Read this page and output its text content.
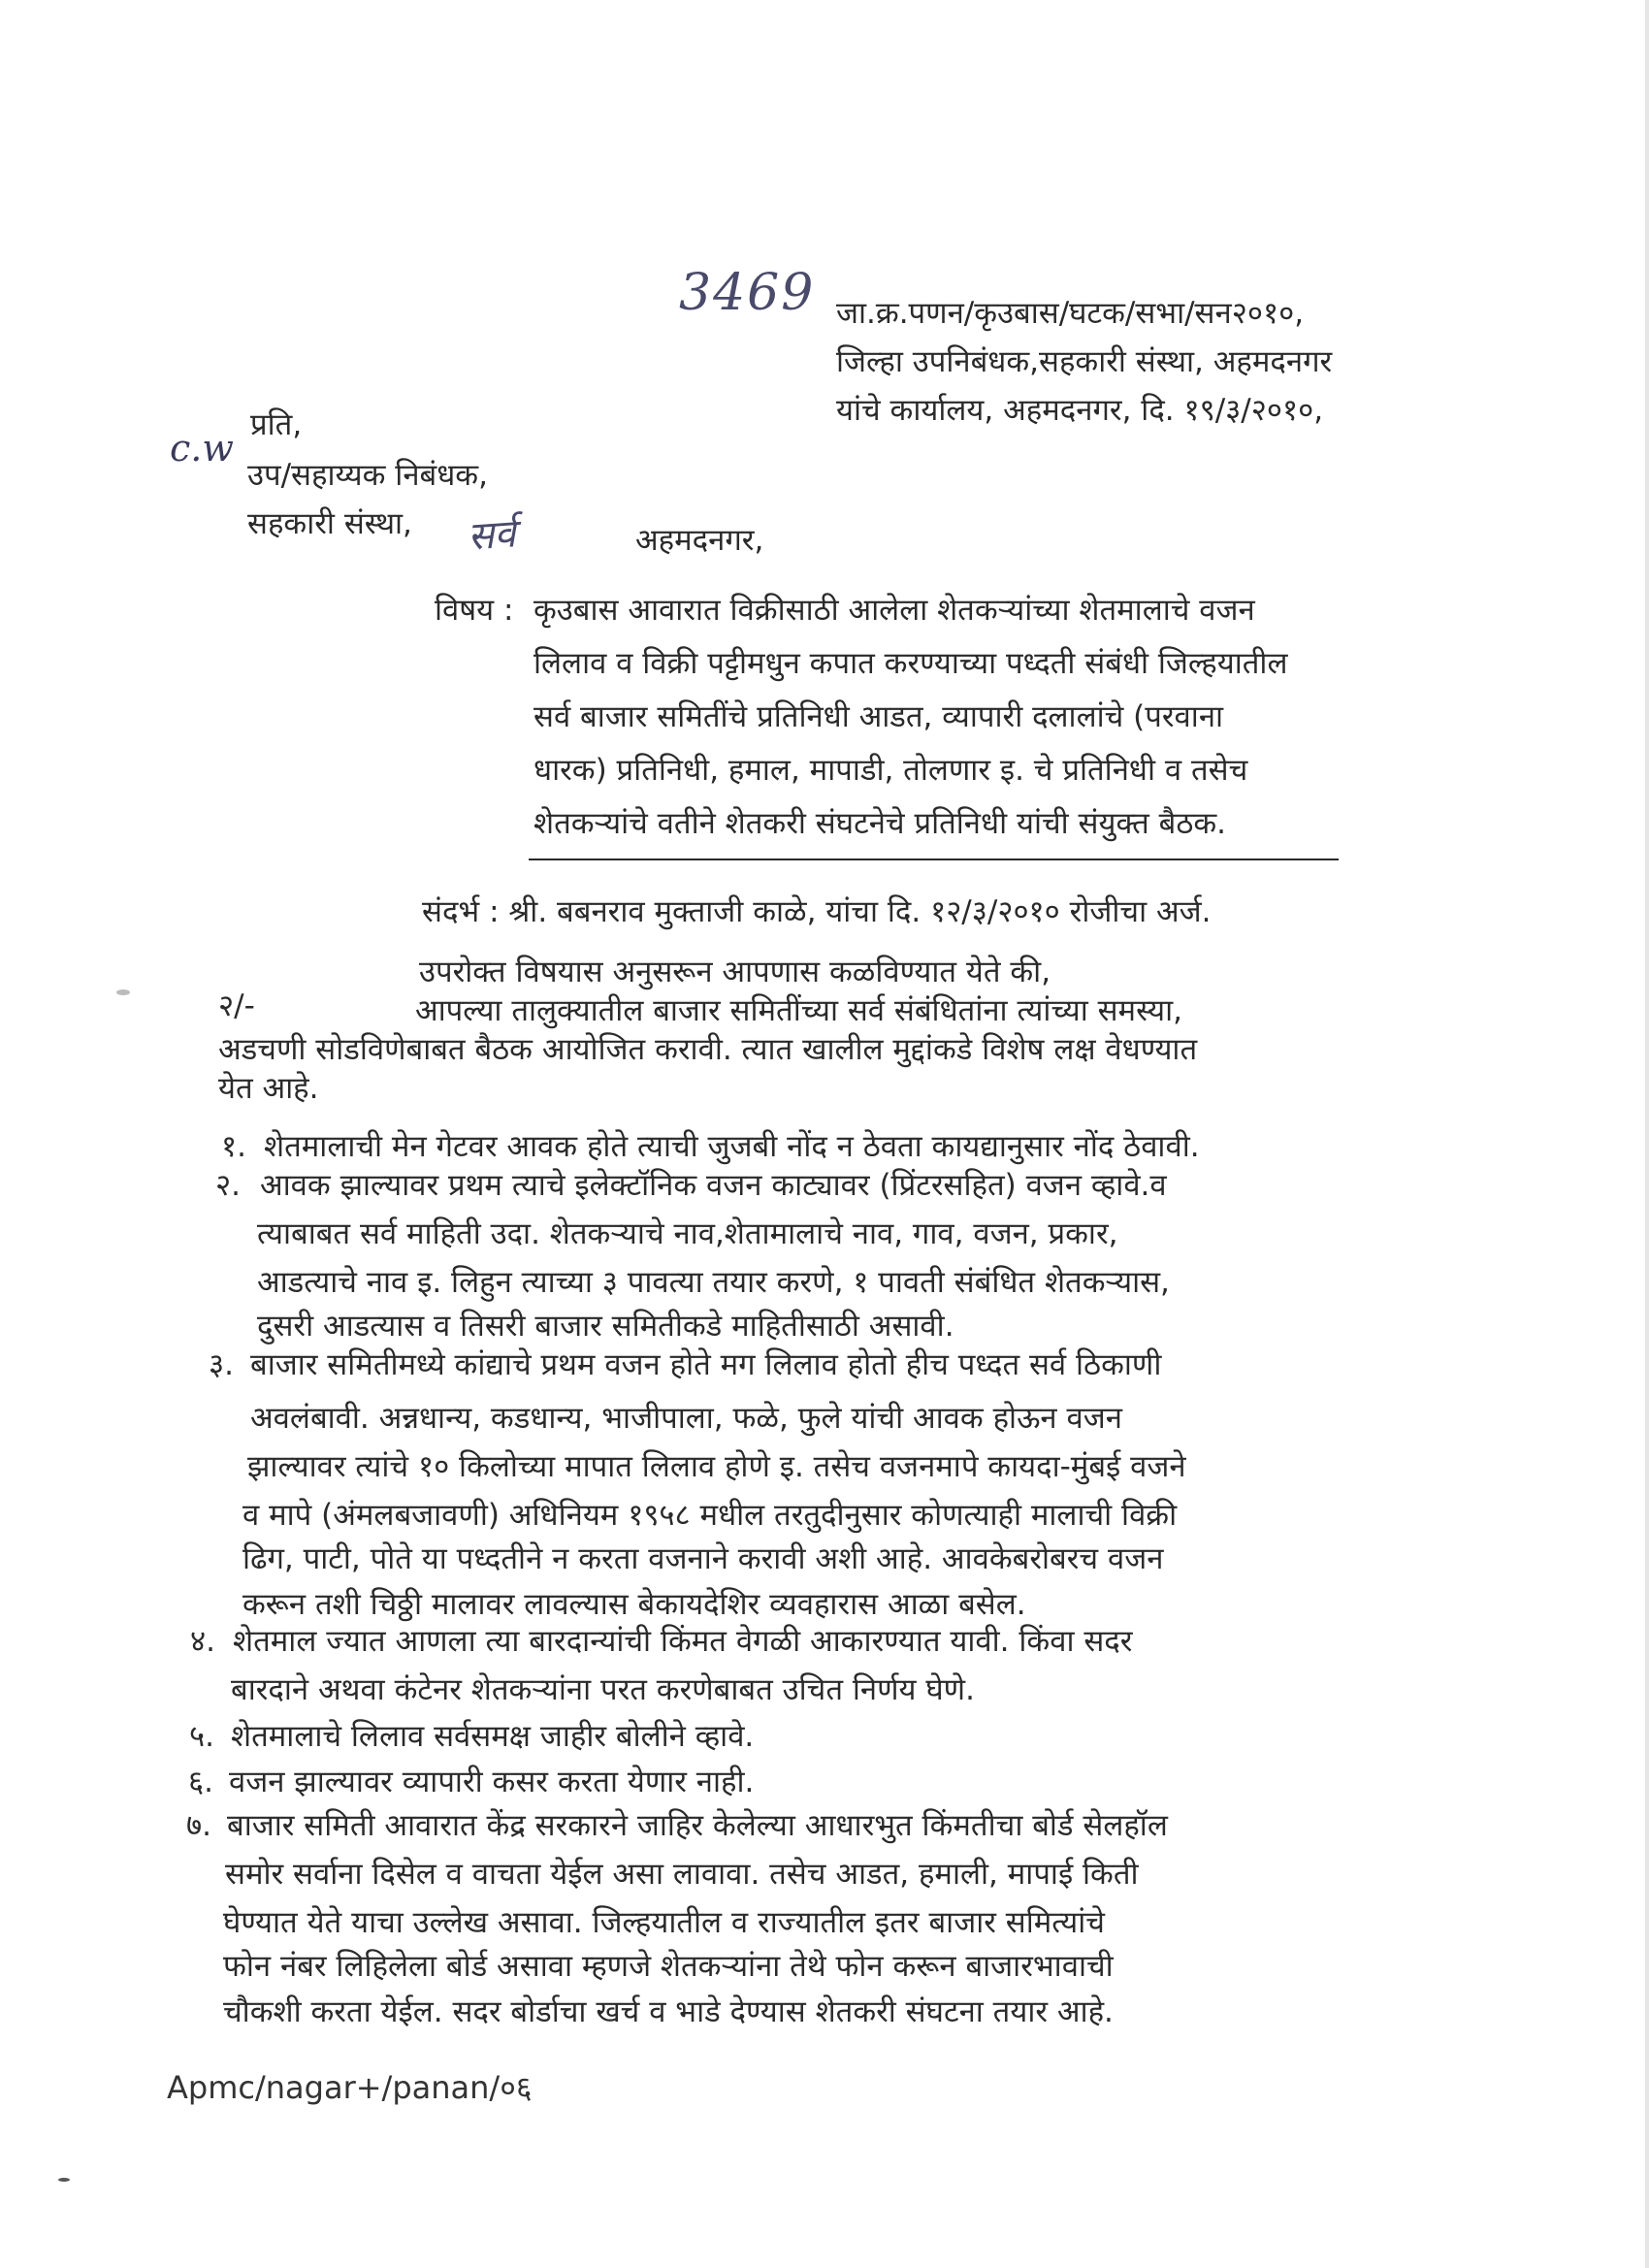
3469 जा.क्र.पणन/कृउबास/घटक/सभा/सन२०१०,
जिल्हा उपनिबंधक,सहकारी संस्था, अहमदनगर
यांचे कार्यालय, अहमदनगर, दि. १९/३/२०१०,
c.w
प्रति,
उप/सहाय्यक निबंधक,
सहकारी संस्था, सर्व	अहमदनगर,
विषय : कृउबास आवारात विक्रीसाठी आलेला शेतकऱ्यांच्या शेतमालाचे वजन
लिलाव व विक्री पट्टीमधुन कपात करण्याच्या पध्दती संबंधी जिल्हयातील
सर्व बाजार समितींचे प्रतिनिधी आडत, व्यापारी दलालांचे (परवाना
धारक) प्रतिनिधी, हमाल, मापाडी, तोलणार इ. चे प्रतिनिधी व तसेच
शेतकऱ्यांचे वतीने शेतकरी संघटनेचे प्रतिनिधी यांची संयुक्त बैठक.
संदर्भ : श्री. बबनराव मुक्ताजी काळे, यांचा दि. १२/३/२०१० रोजीचा अर्ज.
उपरोक्त विषयास अनुसरून आपणास कळविण्यात येते की,
२/-	आपल्या तालुक्यातील बाजार समितींच्या सर्व संबंधितांना त्यांच्या समस्या,
अडचणी सोडविणेबाबत बैठक आयोजित करावी. त्यात खालील मुद्दांकडे विशेष लक्ष वेधण्यात
येत आहे.
१. शेतमालाची मेन गेटवर आवक होते त्याची जुजबी नोंद न ठेवता कायद्यानुसार नोंद ठेवावी.
२. आवक झाल्यावर प्रथम त्याचे इलेक्टॉनिक वजन काट्यावर (प्रिंटरसहित) वजन व्हावे.व
त्याबाबत सर्व माहिती उदा. शेतकऱ्याचे नाव,शेतामालाचे नाव, गाव, वजन, प्रकार,
आडत्याचे नाव इ. लिहुन त्याच्या ३ पावत्या तयार करणे, १ पावती संबंधित शेतकऱ्यास,
दुसरी आडत्यास व तिसरी बाजार समितीकडे माहितीसाठी असावी.
३. बाजार समितीमध्ये कांद्याचे प्रथम वजन होते मग लिलाव होतो हीच पध्दत सर्व ठिकाणी
अवलंबावी. अन्नधान्य, कडधान्य, भाजीपाला, फळे, फुले यांची आवक होऊन वजन
झाल्यावर त्यांचे १० किलोच्या मापात लिलाव होणे इ. तसेच वजनमापे कायदा-मुंबई वजने
व मापे (अंमलबजावणी) अधिनियम १९५८ मधील तरतुदीनुसार कोणत्याही मालाची विक्री
ढिग, पाटी, पोते या पध्दतीने न करता वजनाने करावी अशी आहे. आवकेबरोबरच वजन
करून तशी चिठ्ठी मालावर लावल्यास बेकायदेशिर व्यवहारास आळा बसेल.
४. शेतमाल ज्यात आणला त्या बारदान्यांची किंमत वेगळी आकारण्यात यावी. किंवा सदर
बारदाने अथवा कंटेनर शेतकऱ्यांना परत करणेबाबत उचित निर्णय घेणे.
५. शेतमालाचे लिलाव सर्वसमक्ष जाहीर बोलीने व्हावे.
६. वजन झाल्यावर व्यापारी कसर करता येणार नाही.
७. बाजार समिती आवारात केंद्र सरकारने जाहिर केलेल्या आधारभुत किंमतीचा बोर्ड सेलहॉल
समोर सर्वाना दिसेल व वाचता येईल असा लावावा. तसेच आडत, हमाली, मापाई किती
घेण्यात येते याचा उल्लेख असावा. जिल्हयातील व राज्यातील इतर बाजार समित्यांचे
फोन नंबर लिहिलेला बोर्ड असावा म्हणजे शेतकऱ्यांना तेथे फोन करून बाजारभावाची
चौकशी करता येईल. सदर बोर्डाचा खर्च व भाडे देण्यास शेतकरी संघटना तयार आहे.
Apmc/nagar+/panan/०६
